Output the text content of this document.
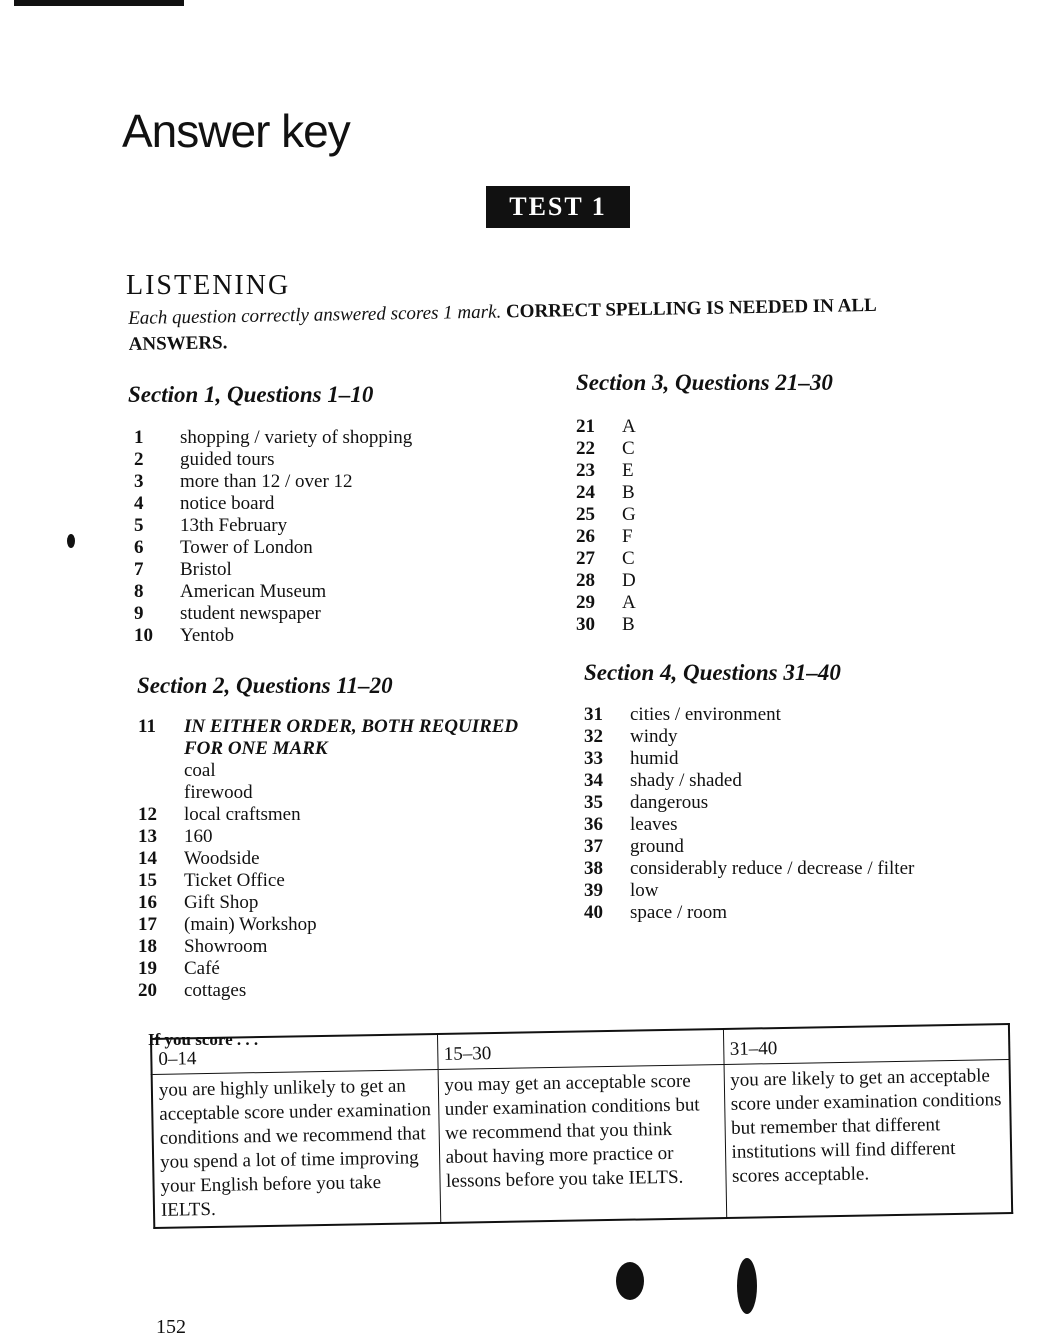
Answer key
TEST 1
LISTENING
Each question correctly answered scores 1 mark. CORRECT SPELLING IS NEEDED IN ALL ANSWERS.
Section 1, Questions 1–10
1	shopping / variety of shopping
2	guided tours
3	more than 12 / over 12
4	notice board
5	13th February
6	Tower of London
7	Bristol
8	American Museum
9	student newspaper
10	Yentob
Section 2, Questions 11–20
11	IN EITHER ORDER, BOTH REQUIRED
FOR ONE MARK
coal
firewood
12	local craftsmen
13	160
14	Woodside
15	Ticket Office
16	Gift Shop
17	(main) Workshop
18	Showroom
19	Café
20	cottages
Section 3, Questions 21–30
21	A
22	C
23	E
24	B
25	G
26	F
27	C
28	D
29	A
30	B
Section 4, Questions 31–40
31	cities / environment
32	windy
33	humid
34	shady / shaded
35	dangerous
36	leaves
37	ground
38	considerably reduce / decrease / filter
39	low
40	space / room
If you score . . .
0–14	15–30	31–40
you are highly unlikely to get an acceptable score under examination conditions and we recommend that you spend a lot of time improving your English before you take IELTS.	you may get an acceptable score under examination conditions but we recommend that you think about having more practice or lessons before you take IELTS.	you are likely to get an acceptable score under examination conditions but remember that different institutions will find different scores acceptable.
152
